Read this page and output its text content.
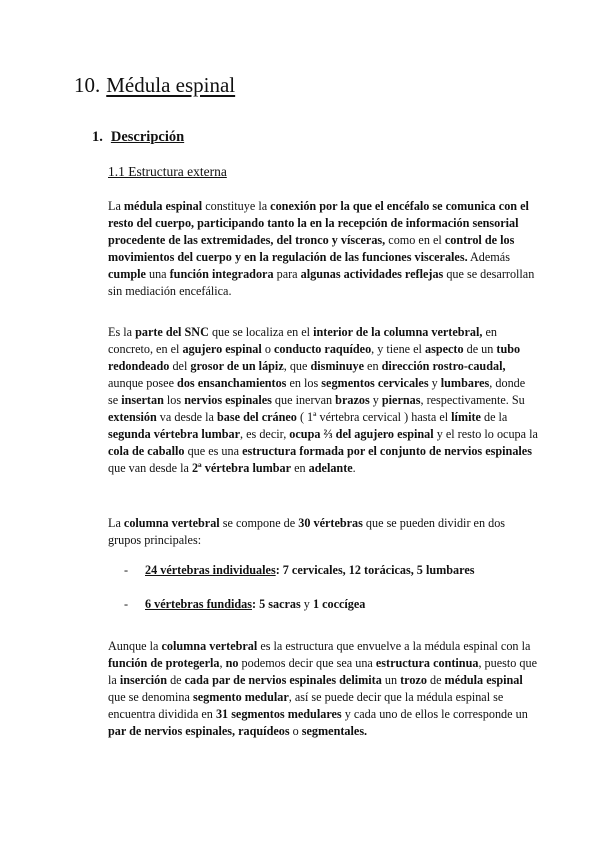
10. Médula espinal
1. Descripción
1.1 Estructura externa

La médula espinal constituye la conexión por la que el encéfalo se comunica con el resto del cuerpo, participando tanto la en la recepción de información sensorial procedente de las extremidades, del tronco y vísceras, como en el control de los movimientos del cuerpo y en la regulación de las funciones viscerales. Además cumple una función integradora para algunas actividades reflejas que se desarrollan sin mediación encefálica.

Es la parte del SNC que se localiza en el interior de la columna vertebral, en concreto, en el agujero espinal o conducto raquídeo, y tiene el aspecto de un tubo redondeado del grosor de un lápiz, que disminuye en dirección rostro-caudal, aunque posee dos ensanchamientos en los segmentos cervicales y lumbares, donde se insertan los nervios espinales que inervan brazos y piernas, respectivamente. Su extensión va desde la base del cráneo ( 1ª vértebra cervical ) hasta el límite de la segunda vértebra lumbar, es decir, ocupa ⅔ del agujero espinal y el resto lo ocupa la cola de caballo que es una estructura formada por el conjunto de nervios espinales que van desde la 2ª vértebra lumbar en adelante.

La columna vertebral se compone de 30 vértebras que se pueden dividir en dos grupos principales:

- 24 vértebras individuales: 7 cervicales, 12 torácicas, 5 lumbares
- 6 vértebras fundidas: 5 sacras y 1 coccígea

Aunque la columna vertebral es la estructura que envuelve a la médula espinal con la función de protegerla, no podemos decir que sea una estructura continua, puesto que la inserción de cada par de nervios espinales delimita un trozo de médula espinal que se denomina segmento medular, así se puede decir que la médula espinal se encuentra dividida en 31 segmentos medulares y cada uno de ellos le corresponde un par de nervios espinales, raquídeos o segmentales.
